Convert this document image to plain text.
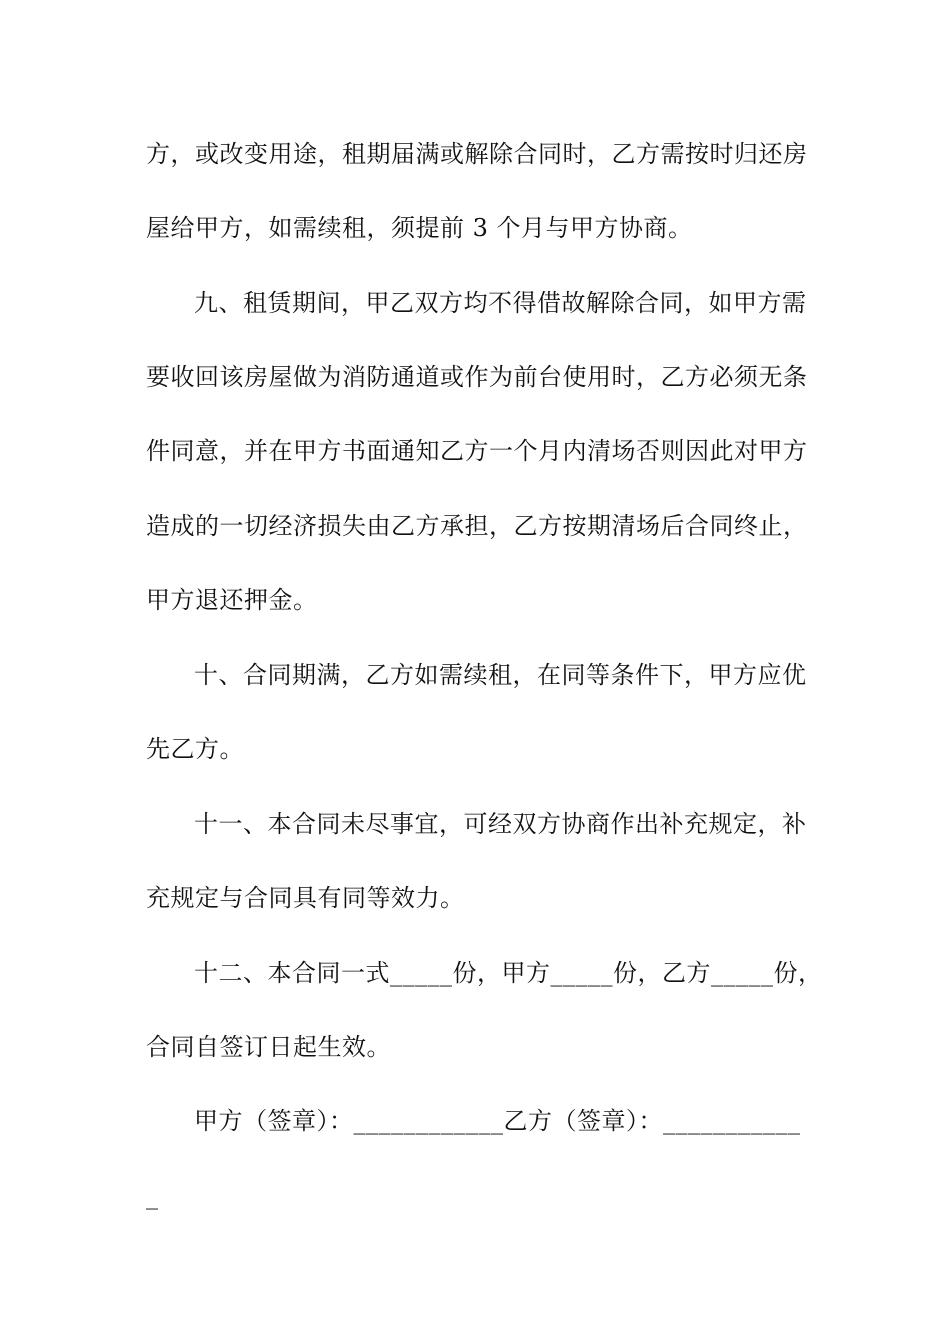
方，或改变用途，租期届满或解除合同时，乙方需按时归还房
屋给甲方，如需续租，须提前 3 个月与甲方协商。
九、租赁期间，甲乙双方均不得借故解除合同，如甲方需
要收回该房屋做为消防通道或作为前台使用时，乙方必须无条
件同意，并在甲方书面通知乙方一个月内清场否则因此对甲方
造成的一切经济损失由乙方承担，乙方按期清场后合同终止，
甲方退还押金。
十、合同期满，乙方如需续租，在同等条件下，甲方应优
先乙方。
十一、本合同未尽事宜，可经双方协商作出补充规定，补
充规定与合同具有同等效力。
十二、本合同一式_____份，甲方_____份，乙方_____份，
合同自签订日起生效。
甲方（签章）：____________乙方（签章）：___________
_
